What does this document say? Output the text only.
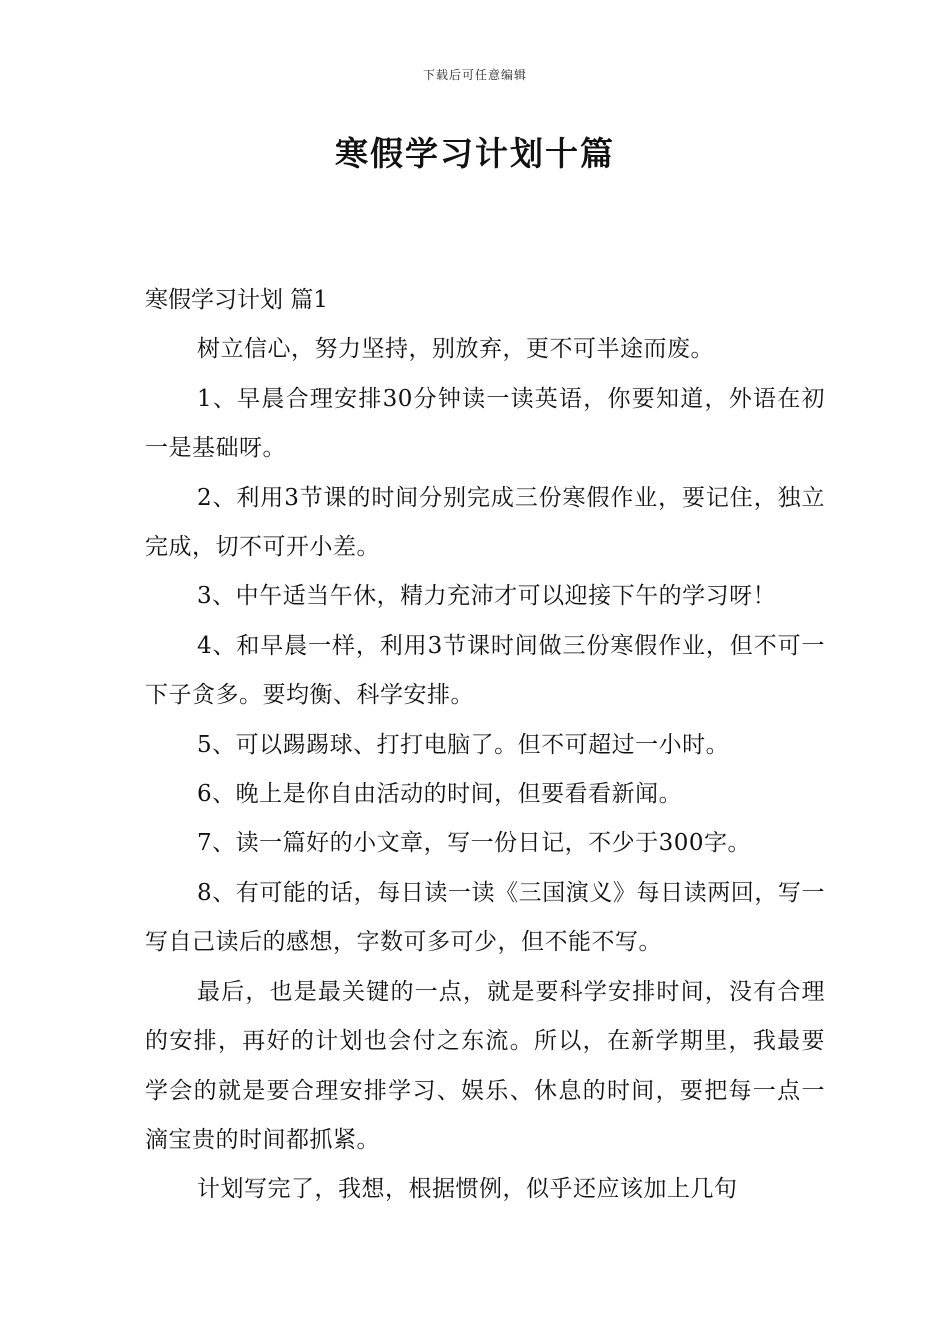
下载后可任意编辑
寒假学习计划十篇

寒假学习计划 篇1

树立信心，努力坚持，别放弃，更不可半途而废。

1、早晨合理安排30分钟读一读英语，你要知道，外语在初一是基础呀。

2、利用3节课的时间分别完成三份寒假作业，要记住，独立完成，切不可开小差。

3、中午适当午休，精力充沛才可以迎接下午的学习呀！

4、和早晨一样，利用3节课时间做三份寒假作业，但不可一下子贪多。要均衡、科学安排。

5、可以踢踢球、打打电脑了。但不可超过一小时。

6、晚上是你自由活动的时间，但要看看新闻。

7、读一篇好的小文章，写一份日记，不少于300字。

8、有可能的话，每日读一读《三国演义》每日读两回，写一写自己读后的感想，字数可多可少，但不能不写。

最后，也是最关键的一点，就是要科学安排时间，没有合理的安排，再好的计划也会付之东流。所以，在新学期里，我最要学会的就是要合理安排学习、娱乐、休息的时间，要把每一点一滴宝贵的时间都抓紧。

计划写完了，我想，根据惯例，似乎还应该加上几句
